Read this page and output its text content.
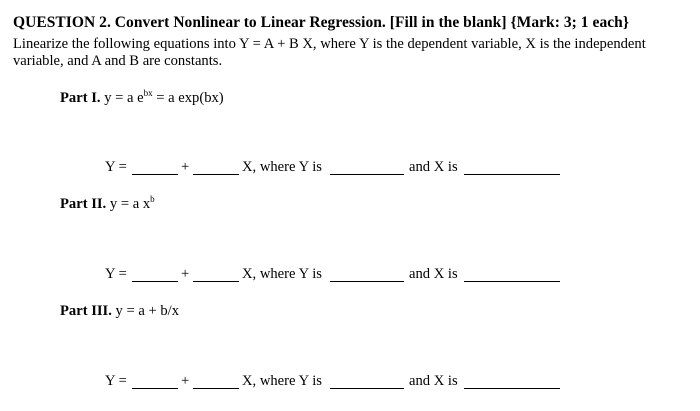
QUESTION 2. Convert Nonlinear to Linear Regression. [Fill in the blank] {Mark: 3; 1 each}
Linearize the following equations into Y = A + B X, where Y is the dependent variable, X is the independent
variable, and A and B are constants.
Part I. y = a $e^{bx} = a$ exp(bx)
Y =	+	X, where Y is	and X is
Part II. y = a $x^b$
Y =	+	X, where Y is	and X is
Part III. y = a + b/x
Y =	+	X, where Y is	and X is
